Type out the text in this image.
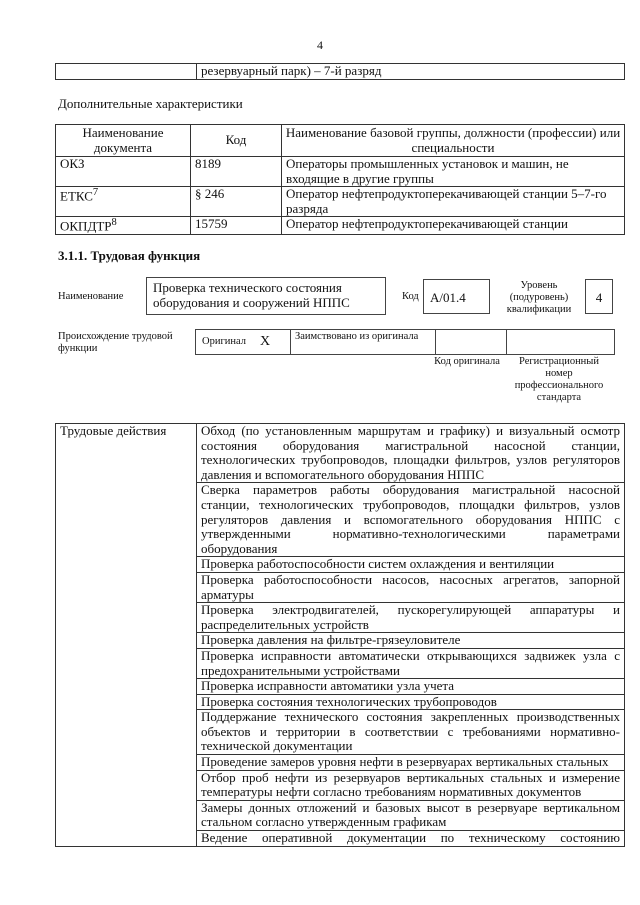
4
	резервуарный парк) – 7-й разряд
Дополнительные характеристики
Наименование документа	Код	Наименование базовой группы, должности (профессии) или специальности
ОКЗ	8189	Операторы промышленных установок и машин, не входящие в другие группы
ЕТКС$^7$	§ 246	Оператор нефтепродуктоперекачивающей станции 5–7-го разряда
ОКПДТР$^8$	15759	Оператор нефтепродуктоперекачивающей станции
3.1.1. Трудовая функция
Наименование
Проверка технического состояния оборудования и сооружений НППС	Код А/01.4
Уровень (подуровень) квалификации
4
Происхождение трудовой функции
Оригинал X	Заимствовано из оригинала
Код оригинала	Регистрационный номер профессионального стандарта
Трудовые действия	Обход (по установленным маршрутам и графику) и визуальный осмотр состояния оборудования магистральной насосной станции, технологических трубопроводов, площадки фильтров, узлов регуляторов давления и вспомогательного оборудования НППС
Сверка параметров работы оборудования магистральной насосной станции, технологических трубопроводов, площадки фильтров, узлов регуляторов давления и вспомогательного оборудования НППС с утвержденными нормативно-технологическими параметрами оборудования
Проверка работоспособности систем охлаждения и вентиляции
Проверка работоспособности насосов, насосных агрегатов, запорной арматуры
Проверка электродвигателей, пускорегулирующей аппаратуры и распределительных устройств
Проверка давления на фильтре-грязеуловителе
Проверка исправности автоматически открывающихся задвижек узла с предохранительными устройствами
Проверка исправности автоматики узла учета
Проверка состояния технологических трубопроводов
Поддержание технического состояния закрепленных производственных объектов и территории в соответствии с требованиями нормативно-технической документации
Проведение замеров уровня нефти в резервуарах вертикальных стальных
Отбор проб нефти из резервуаров вертикальных стальных и измерение температуры нефти согласно требованиям нормативных документов
Замеры донных отложений и базовых высот в резервуаре вертикальном стальном согласно утвержденным графикам
Ведение оперативной документации по техническому состоянию
